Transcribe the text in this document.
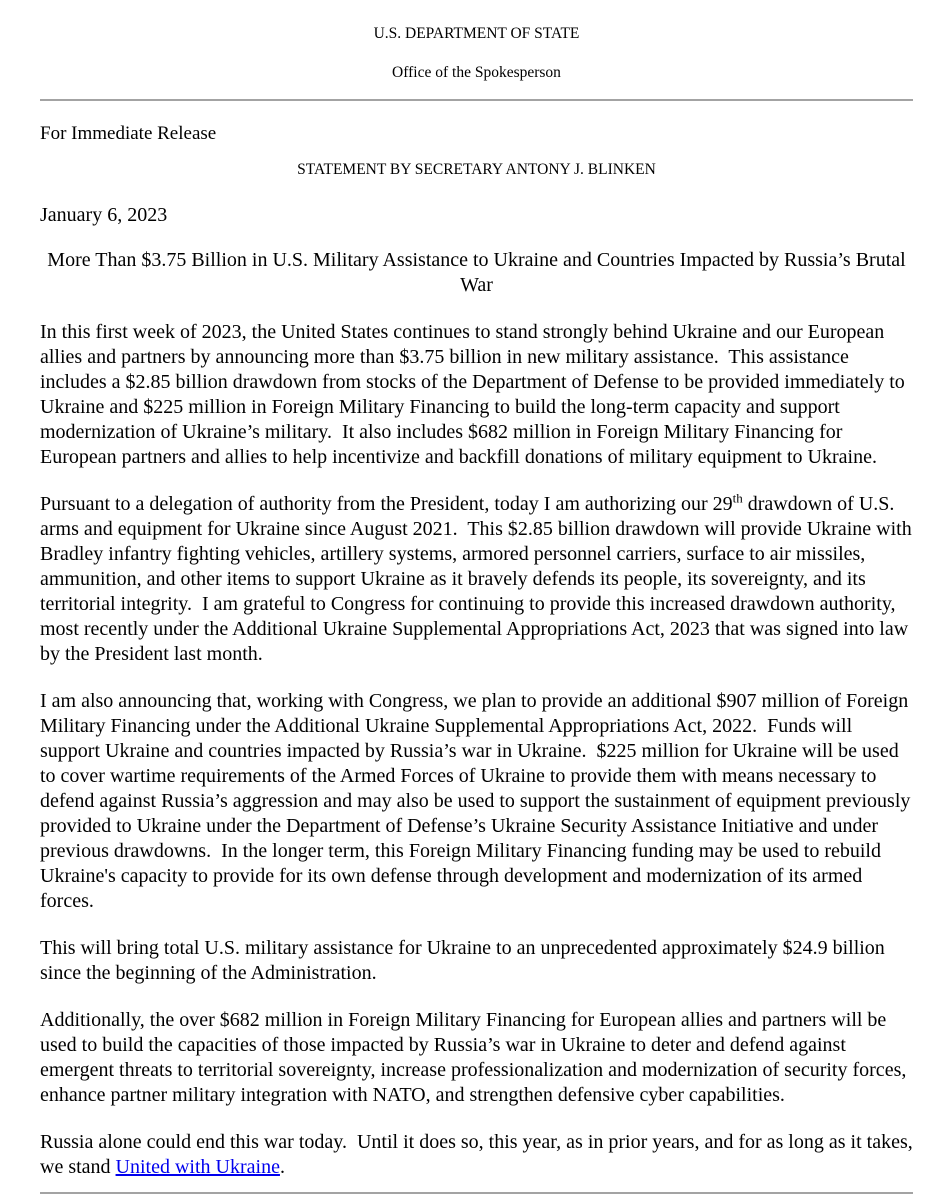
U.S. DEPARTMENT OF STATE
Office of the Spokesperson
For Immediate Release
STATEMENT BY SECRETARY ANTONY J. BLINKEN
January 6, 2023
More Than $3.75 Billion in U.S. Military Assistance to Ukraine and Countries Impacted by Russia’s Brutal War

In this first week of 2023, the United States continues to stand strongly behind Ukraine and our European allies and partners by announcing more than $3.75 billion in new military assistance.  This assistance includes a $2.85 billion drawdown from stocks of the Department of Defense to be provided immediately to Ukraine and $225 million in Foreign Military Financing to build the long-term capacity and support modernization of Ukraine’s military.  It also includes $682 million in Foreign Military Financing for European partners and allies to help incentivize and backfill donations of military equipment to Ukraine.

Pursuant to a delegation of authority from the President, today I am authorizing our 29th drawdown of U.S. arms and equipment for Ukraine since August 2021.  This $2.85 billion drawdown will provide Ukraine with Bradley infantry fighting vehicles, artillery systems, armored personnel carriers, surface to air missiles, ammunition, and other items to support Ukraine as it bravely defends its people, its sovereignty, and its territorial integrity.  I am grateful to Congress for continuing to provide this increased drawdown authority, most recently under the Additional Ukraine Supplemental Appropriations Act, 2023 that was signed into law by the President last month.

I am also announcing that, working with Congress, we plan to provide an additional $907 million of Foreign Military Financing under the Additional Ukraine Supplemental Appropriations Act, 2022.  Funds will support Ukraine and countries impacted by Russia’s war in Ukraine.  $225 million for Ukraine will be used to cover wartime requirements of the Armed Forces of Ukraine to provide them with means necessary to defend against Russia’s aggression and may also be used to support the sustainment of equipment previously provided to Ukraine under the Department of Defense’s Ukraine Security Assistance Initiative and under previous drawdowns.  In the longer term, this Foreign Military Financing funding may be used to rebuild Ukraine's capacity to provide for its own defense through development and modernization of its armed forces.

This will bring total U.S. military assistance for Ukraine to an unprecedented approximately $24.9 billion since the beginning of the Administration.

Additionally, the over $682 million in Foreign Military Financing for European allies and partners will be used to build the capacities of those impacted by Russia’s war in Ukraine to deter and defend against emergent threats to territorial sovereignty, increase professionalization and modernization of security forces, enhance partner military integration with NATO, and strengthen defensive cyber capabilities.

Russia alone could end this war today.  Until it does so, this year, as in prior years, and for as long as it takes, we stand United with Ukraine.
